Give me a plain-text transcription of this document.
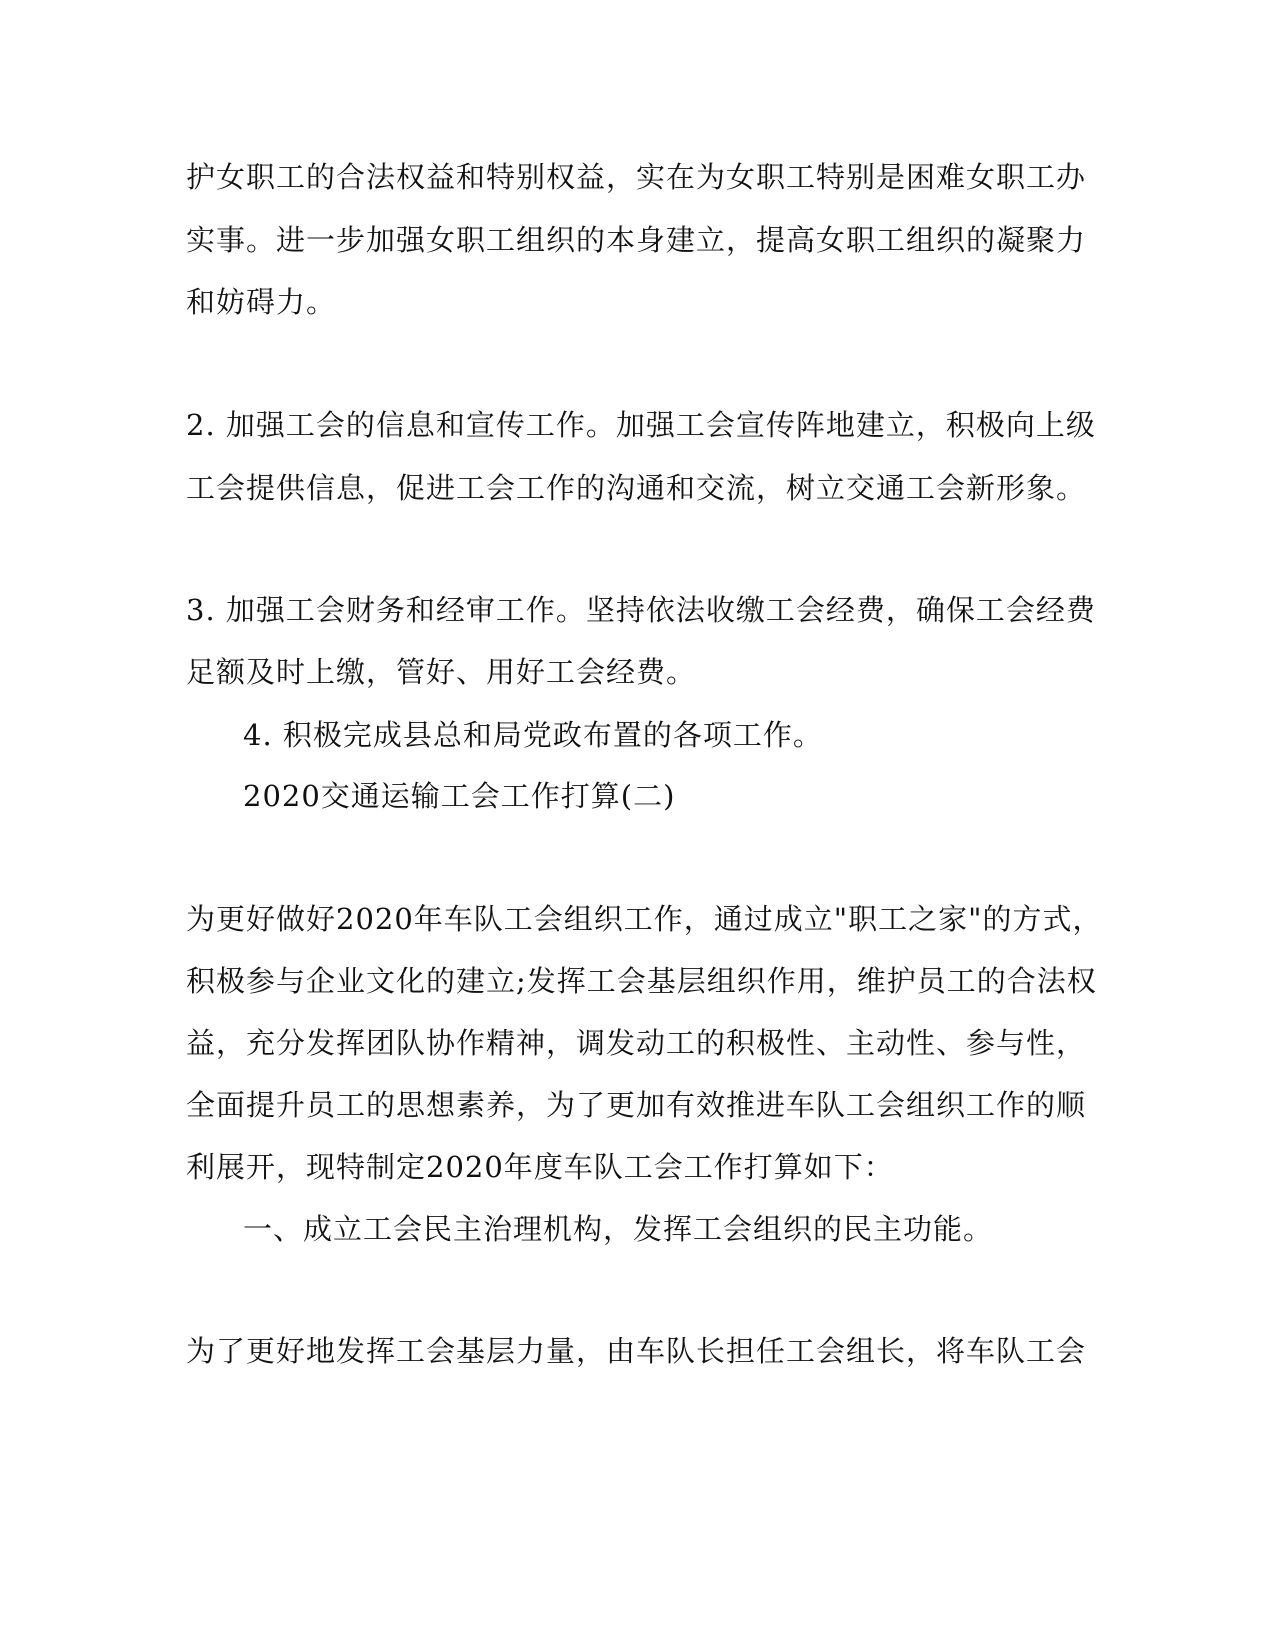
护女职工的合法权益和特别权益，实在为女职工特别是困难女职工办
实事。进一步加强女职工组织的本身建立，提高女职工组织的凝聚力
和妨碍力。
2. 加强工会的信息和宣传工作。加强工会宣传阵地建立，积极向上级
工会提供信息，促进工会工作的沟通和交流，树立交通工会新形象。
3. 加强工会财务和经审工作。坚持依法收缴工会经费，确保工会经费
足额及时上缴，管好、用好工会经费。
4. 积极完成县总和局党政布置的各项工作。
2020交通运输工会工作打算(二)
为更好做好2020年车队工会组织工作，通过成立"职工之家"的方式，
积极参与企业文化的建立;发挥工会基层组织作用，维护员工的合法权
益，充分发挥团队协作精神，调发动工的积极性、主动性、参与性，
全面提升员工的思想素养，为了更加有效推进车队工会组织工作的顺
利展开，现特制定2020年度车队工会工作打算如下：
一、成立工会民主治理机构，发挥工会组织的民主功能。
为了更好地发挥工会基层力量，由车队长担任工会组长，将车队工会
